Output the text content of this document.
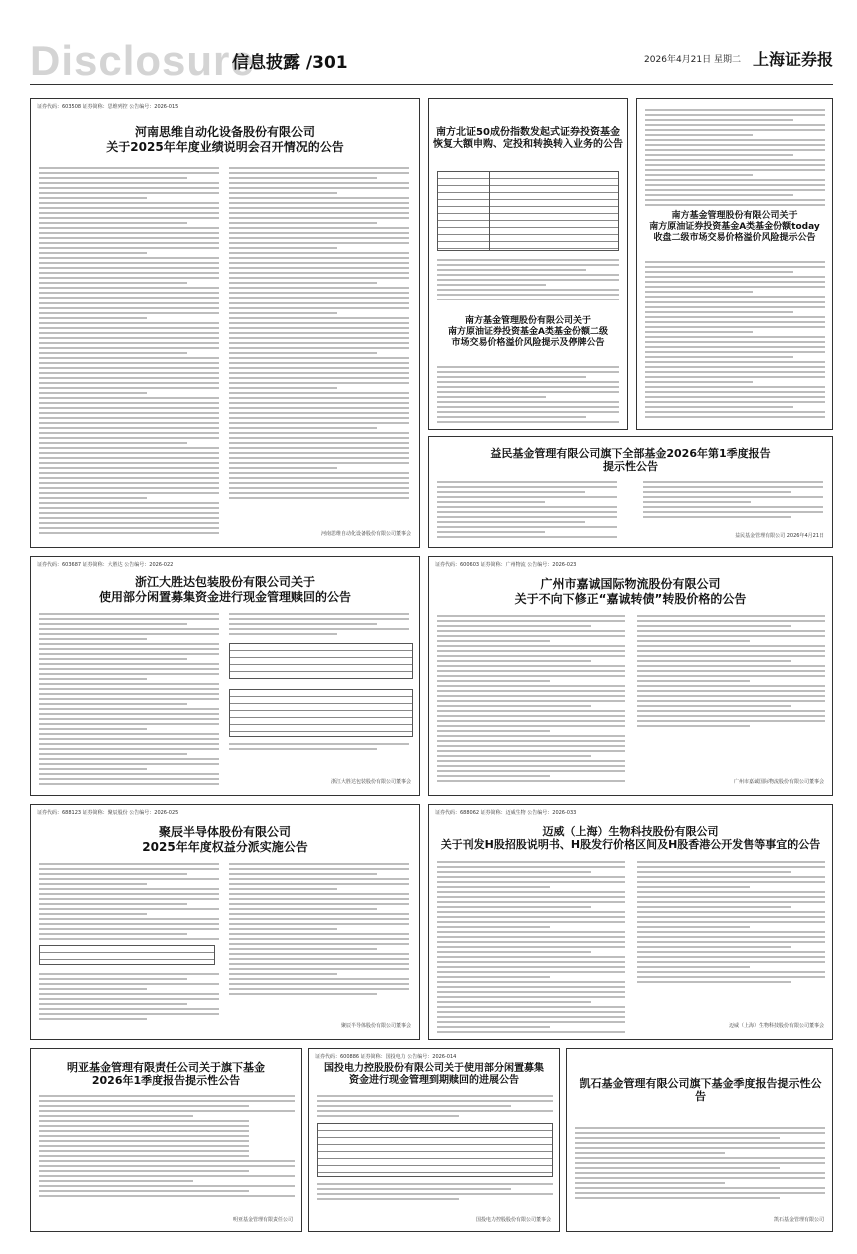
Disclosure
信息披露 /301	2026年4月21日 星期二 上海证券报
证券代码：603508 证券简称：思维列控 公告编号：2026-015
河南思维自动化设备股份有限公司
关于2025年年度业绩说明会召开情况的公告
河南思维自动化设备股份有限公司董事会
南方北证50成份指数发起式证券投资基金
恢复大额申购、定投和转换转入业务的公告
南方基金管理股份有限公司关于
南方原油证券投资基金A类基金份额二级
市场交易价格溢价风险提示及停牌公告
南方基金管理股份有限公司关于
南方原油证券投资基金A类基金份额today
收盘二级市场交易价格溢价风险提示公告
益民基金管理有限公司旗下全部基金2026年第1季度报告
提示性公告
益民基金管理有限公司 2026年4月21日
证券代码：603687 证券简称：大胜达 公告编号：2026-022
浙江大胜达包装股份有限公司关于
使用部分闲置募集资金进行现金管理赎回的公告
浙江大胜达包装股份有限公司董事会
证券代码：600603 证券简称：广州物流 公告编号：2026-023
广州市嘉诚国际物流股份有限公司
关于不向下修正“嘉诚转债”转股价格的公告
广州市嘉诚国际物流股份有限公司董事会
证券代码：688123 证券简称：聚辰股份 公告编号：2026-025
聚辰半导体股份有限公司
2025年年度权益分派实施公告
聚辰半导体股份有限公司董事会
证券代码：688062 证券简称：迈威生物 公告编号：2026-033
迈威（上海）生物科技股份有限公司
关于刊发H股招股说明书、H股发行价格区间及H股香港公开发售等事宜的公告
迈威（上海）生物科技股份有限公司董事会
明亚基金管理有限责任公司关于旗下基金
2026年1季度报告提示性公告
明亚基金管理有限责任公司
证券代码：600886 证券简称：国投电力 公告编号：2026-014
国投电力控股股份有限公司关于使用部分闲置募集
资金进行现金管理到期赎回的进展公告
国投电力控股股份有限公司董事会
凯石基金管理有限公司旗下基金季度报告提示性公告
凯石基金管理有限公司
